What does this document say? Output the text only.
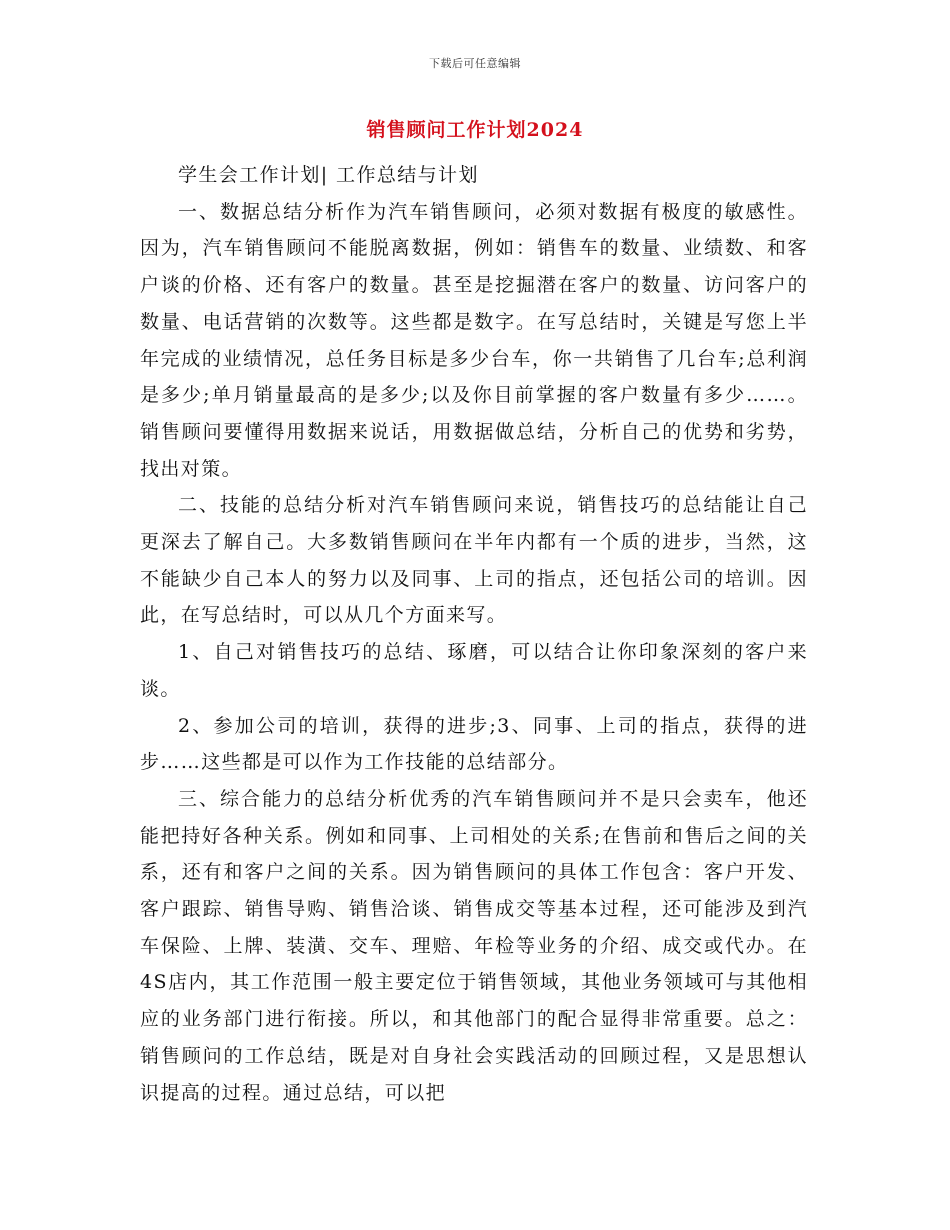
下载后可任意编辑
销售顾问工作计划2024

学生会工作计划| 工作总结与计划

一、数据总结分析作为汽车销售顾问，必须对数据有极度的敏感性。因为，汽车销售顾问不能脱离数据，例如：销售车的数量、业绩数、和客户谈的价格、还有客户的数量。甚至是挖掘潜在客户的数量、访问客户的数量、电话营销的次数等。这些都是数字。在写总结时，关键是写您上半年完成的业绩情况，总任务目标是多少台车，你一共销售了几台车;总利润是多少;单月销量最高的是多少;以及你目前掌握的客户数量有多少……。销售顾问要懂得用数据来说话，用数据做总结，分析自己的优势和劣势，找出对策。

二、技能的总结分析对汽车销售顾问来说，销售技巧的总结能让自己更深去了解自己。大多数销售顾问在半年内都有一个质的进步，当然，这不能缺少自己本人的努力以及同事、上司的指点，还包括公司的培训。因此，在写总结时，可以从几个方面来写。

1、自己对销售技巧的总结、琢磨，可以结合让你印象深刻的客户来谈。

2、参加公司的培训，获得的进步;3、同事、上司的指点，获得的进步……这些都是可以作为工作技能的总结部分。

三、综合能力的总结分析优秀的汽车销售顾问并不是只会卖车，他还能把持好各种关系。例如和同事、上司相处的关系;在售前和售后之间的关系，还有和客户之间的关系。因为销售顾问的具体工作包含：客户开发、客户跟踪、销售导购、销售洽谈、销售成交等基本过程，还可能涉及到汽车保险、上牌、装潢、交车、理赔、年检等业务的介绍、成交或代办。在4S店内，其工作范围一般主要定位于销售领域，其他业务领域可与其他相应的业务部门进行衔接。所以，和其他部门的配合显得非常重要。总之：销售顾问的工作总结，既是对自身社会实践活动的回顾过程，又是思想认识提高的过程。通过总结，可以把
